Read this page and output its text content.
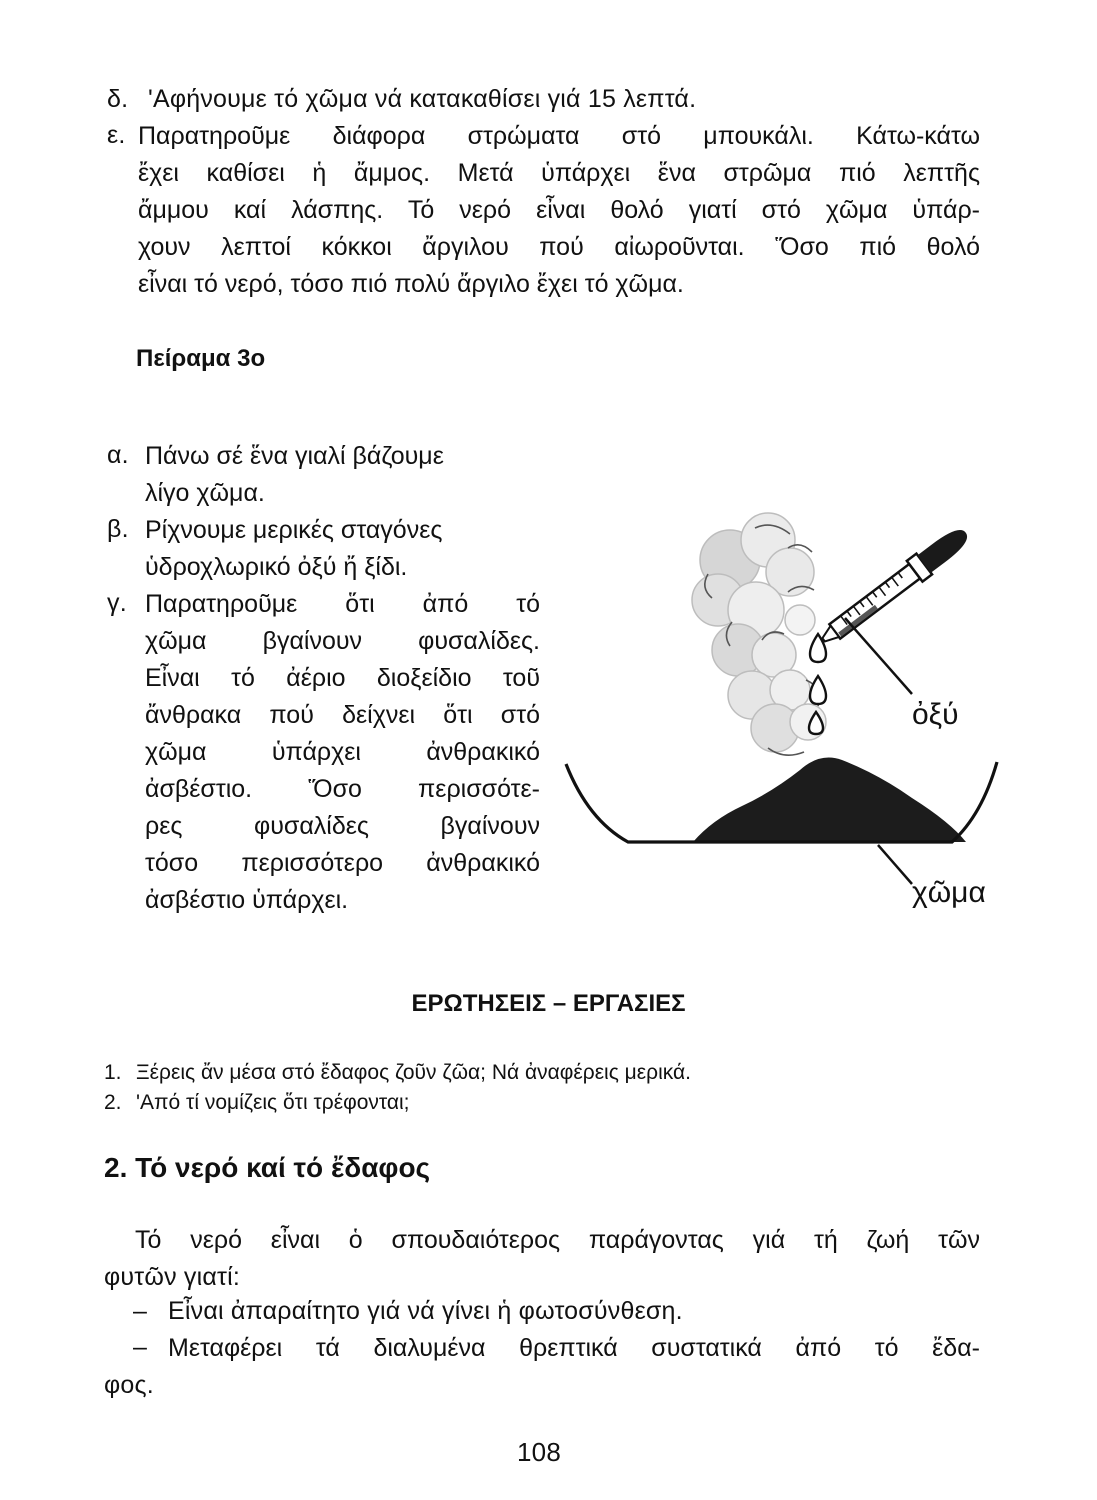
δ. 'Αφήνουμε τό χῶμα νά κατακαθίσει γιά 15 λεπτά.
ε. Παρατηροῦμε διάφορα στρώματα στό μπουκάλι. Κάτω-κάτω

ἔχει καθίσει ἡ ἄμμος. Μετά ὑπάρχει ἕνα στρῶμα πιό λεπτῆς

ἄμμου καί λάσπης. Τό νερό εἶναι θολό γιατί στό χῶμα ὑπάρ-

χουν λεπτοί κόκκοι ἄργιλου πού αἰωροῦνται. Ὅσο πιό θολό

εἶναι τό νερό, τόσο πιό πολύ ἄργιλο ἔχει τό χῶμα.

Πείραμα 3ο
α. Πάνω σέ ἕνα γιαλί βάζουμε

λίγο χῶμα.

β. Ρίχνουμε μερικές σταγόνες

ὑδροχλωρικό ὀξύ ἤ ξίδι.

γ. Παρατηροῦμε ὅτι ἀπό τό

χῶμα βγαίνουν φυσαλίδες.

Εἶναι τό ἀέριο διοξείδιο τοῦ

ἄνθρακα πού δείχνει ὅτι στό

χῶμα ὑπάρχει ἀνθρακικό

ἀσβέστιο. Ὅσο περισσότε-

ρες φυσαλίδες βγαίνουν

τόσο περισσότερο ἀνθρακικό

ἀσβέστιο ὑπάρχει.

ὀξύ
χῶμα
ΕΡΩΤΗΣΕΙΣ – ΕΡΓΑΣΙΕΣ
1. Ξέρεις ἄν μέσα στό ἔδαφος ζοῦν ζῶα; Νά ἀναφέρεις μερικά.
2. 'Από τί νομίζεις ὅτι τρέφονται;
2. Τό νερό καί τό ἔδαφος

Τό νερό εἶναι ὁ σπουδαιότερος παράγοντας γιά τή ζωή τῶν

φυτῶν γιατί:
– Εἶναι ἀπαραίτητο γιά νά γίνει ἡ φωτοσύνθεση.
– Μεταφέρει τά διαλυμένα θρεπτικά συστατικά ἀπό τό ἔδα-

φος.
108
